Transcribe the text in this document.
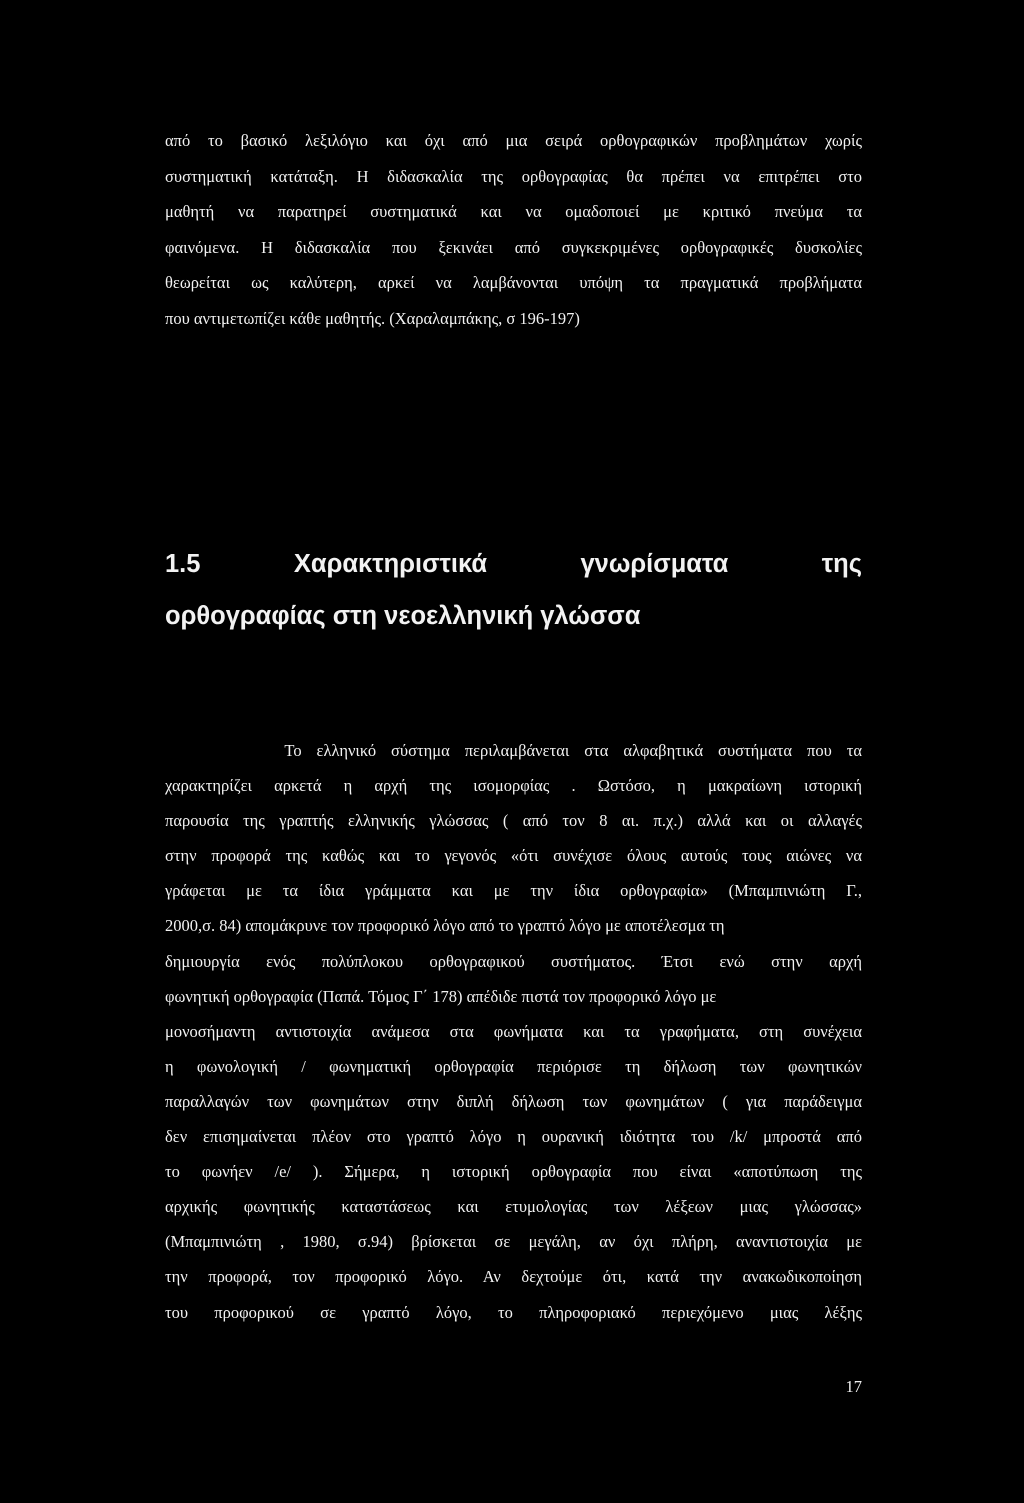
από το βασικό λεξιλόγιο και όχι από μια σειρά ορθογραφικών προβλημάτων χωρίς
συστηματική κατάταξη. Η διδασκαλία της ορθογραφίας θα πρέπει να επιτρέπει στο
μαθητή να παρατηρεί συστηματικά και να ομαδοποιεί με κριτικό πνεύμα τα
φαινόμενα. Η διδασκαλία που ξεκινάει από συγκεκριμένες ορθογραφικές δυσκολίες
θεωρείται ως καλύτερη, αρκεί να λαμβάνονται υπόψη τα πραγματικά προβλήματα
που αντιμετωπίζει κάθε μαθητής. (Χαραλαμπάκης, σ 196-197)
1.5 Χαρακτηριστικά γνωρίσματα της
ορθογραφίας στη νεοελληνική γλώσσα
Το ελληνικό σύστημα περιλαμβάνεται στα αλφαβητικά συστήματα που τα
χαρακτηρίζει αρκετά η αρχή της ισομορφίας . Ωστόσο, η μακραίωνη ιστορική
παρουσία της γραπτής ελληνικής γλώσσας ( από τον 8 αι. π.χ.) αλλά και οι αλλαγές
στην προφορά της καθώς και το γεγονός «ότι συνέχισε όλους αυτούς τους αιώνες να
γράφεται με τα ίδια γράμματα και με την ίδια ορθογραφία» (Μπαμπινιώτη Γ.,
2000,σ. 84) απομάκρυνε τον προφορικό λόγο από το γραπτό λόγο με αποτέλεσμα τη
δημιουργία ενός πολύπλοκου ορθογραφικού συστήματος. Έτσι ενώ στην αρχή
φωνητική ορθογραφία (Παπά. Τόμος Γ΄ 178) απέδιδε πιστά τον προφορικό λόγο με
μονοσήμαντη αντιστοιχία ανάμεσα στα φωνήματα και τα γραφήματα, στη συνέχεια
η φωνολογική / φωνηματική ορθογραφία περιόρισε τη δήλωση των φωνητικών
παραλλαγών των φωνημάτων στην διπλή δήλωση των φωνημάτων ( για παράδειγμα
δεν επισημαίνεται πλέον στο γραπτό λόγο η ουρανική ιδιότητα του /k/ μπροστά από
το φωνήεν /e/ ). Σήμερα, η ιστορική ορθογραφία που είναι «αποτύπωση της
αρχικής φωνητικής καταστάσεως και ετυμολογίας των λέξεων μιας γλώσσας»
(Μπαμπινιώτη , 1980, σ.94) βρίσκεται σε μεγάλη, αν όχι πλήρη, αναντιστοιχία με
την προφορά, τον προφορικό λόγο. Αν δεχτούμε ότι, κατά την ανακωδικοποίηση
του προφορικού σε γραπτό λόγο, το πληροφοριακό περιεχόμενο μιας λέξης
17
